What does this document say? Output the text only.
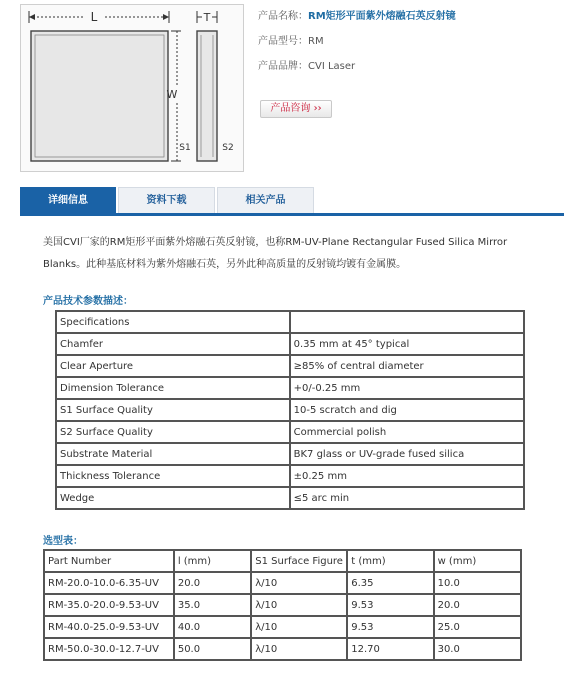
L
W
S1
T
S2
产品名称：RM矩形平面紫外熔融石英反射镜
产品型号：RM
产品品牌：CVI Laser
产品咨询 ››
详细信息	资料下载	相关产品
美国CVI厂家的RM矩形平面紫外熔融石英反射镜，也称RM-UV-Plane Rectangular Fused Silica Mirror Blanks。此种基底材料为紫外熔融石英，另外此种高质量的反射镜均镀有金属膜。
产品技术参数描述：
Specifications	
Chamfer	0.35 mm at 45° typical
Clear Aperture	≥85% of central diameter
Dimension Tolerance	+0/-0.25 mm
S1 Surface Quality	10-5 scratch and dig
S2 Surface Quality	Commercial polish
Substrate Material	BK7 glass or UV-grade fused silica
Thickness Tolerance	±0.25 mm
Wedge	≤5 arc min
选型表：
Part Number	l (mm)	S1 Surface Figure	t (mm)	w (mm)
RM-20.0-10.0-6.35-UV	20.0	λ/10	6.35	10.0
RM-35.0-20.0-9.53-UV	35.0	λ/10	9.53	20.0
RM-40.0-25.0-9.53-UV	40.0	λ/10	9.53	25.0
RM-50.0-30.0-12.7-UV	50.0	λ/10	12.70	30.0
